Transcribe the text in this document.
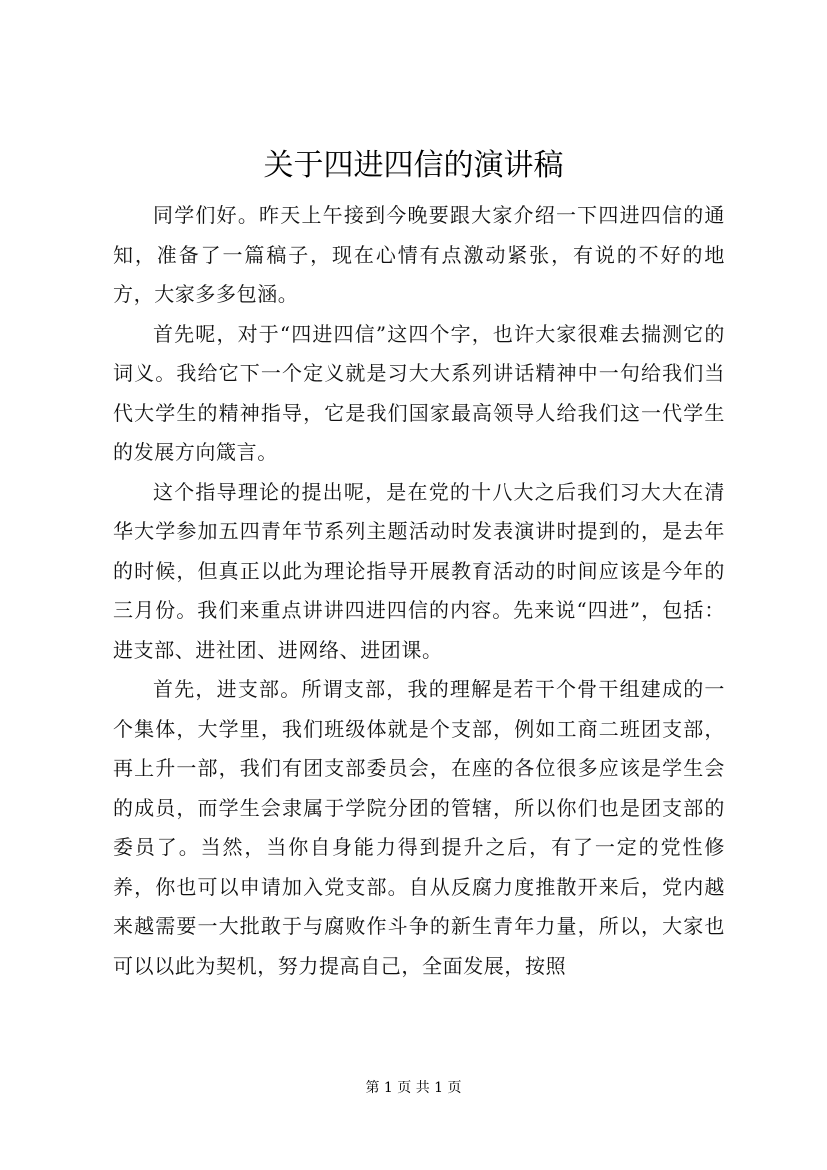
关于四进四信的演讲稿

同学们好。昨天上午接到今晚要跟大家介绍一下四进四信的通知，准备了一篇稿子，现在心情有点激动紧张，有说的不好的地方，大家多多包涵。

首先呢，对于“四进四信”这四个字，也许大家很难去揣测它的词义。我给它下一个定义就是习大大系列讲话精神中一句给我们当代大学生的精神指导，它是我们国家最高领导人给我们这一代学生的发展方向箴言。

这个指导理论的提出呢，是在党的十八大之后我们习大大在清华大学参加五四青年节系列主题活动时发表演讲时提到的，是去年的时候，但真正以此为理论指导开展教育活动的时间应该是今年的三月份。我们来重点讲讲四进四信的内容。先来说“四进”，包括：进支部、进社团、进网络、进团课。

首先，进支部。所谓支部，我的理解是若干个骨干组建成的一个集体，大学里，我们班级体就是个支部，例如工商二班团支部，再上升一部，我们有团支部委员会，在座的各位很多应该是学生会的成员，而学生会隶属于学院分团的管辖，所以你们也是团支部的委员了。当然，当你自身能力得到提升之后，有了一定的党性修养，你也可以申请加入党支部。自从反腐力度推散开来后，党内越来越需要一大批敢于与腐败作斗争的新生青年力量，所以，大家也可以以此为契机，努力提高自己，全面发展，按照

第 1 页 共 1 页
